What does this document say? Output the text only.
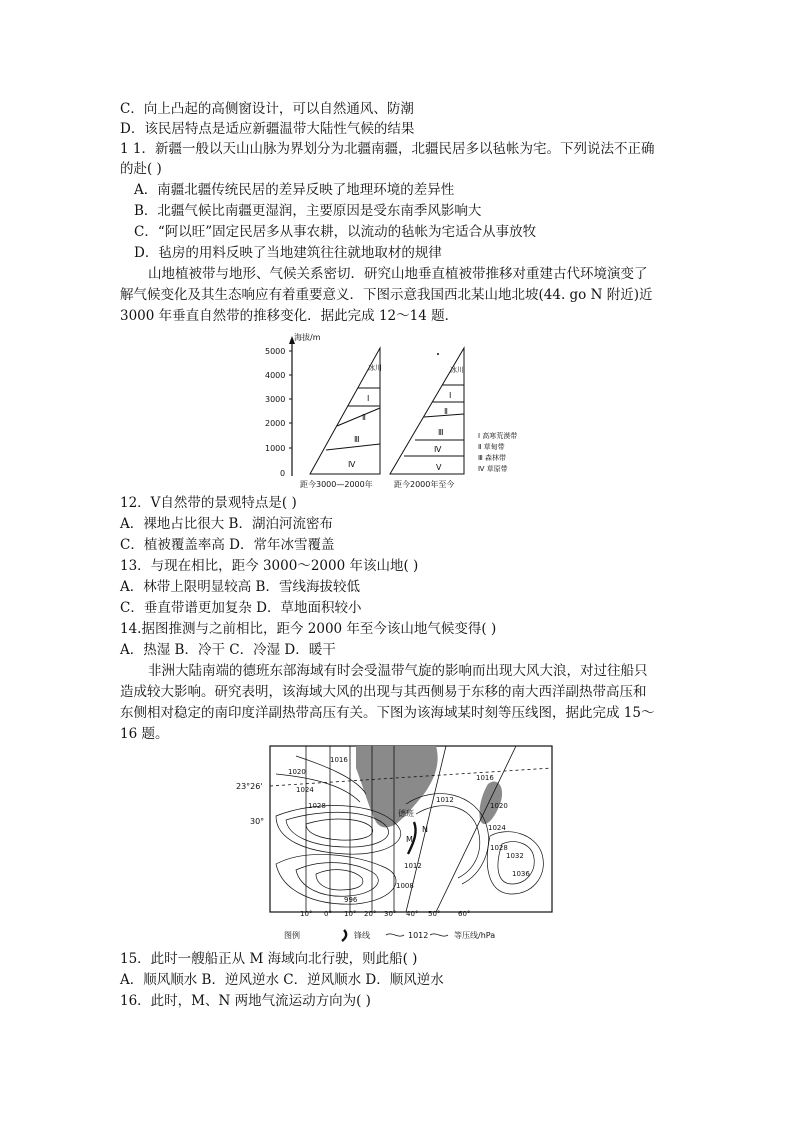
C．向上凸起的高侧窗设计，可以自然通风、防潮
D．该民居特点是适应新疆温带大陆性气候的结果
1 1．新疆一般以天山山脉为界划分为北疆南疆，北疆民居多以毡帐为宅。下列说法不正确
的赴( )
A．南疆北疆传统民居的差异反映了地理环境的差异性
B．北疆气候比南疆更湿润，主要原因是受东南季风影响大
C．“阿以旺”固定民居多从事农耕，以流动的毡帐为宅适合从事放牧
D．毡房的用料反映了当地建筑往往就地取材的规律
山地植被带与地形、气候关系密切．研究山地垂直植被带推移对重建古代环境演变了
解气候变化及其生态响应有着重要意义．下图示意我国西北某山地北坡(44. go N 附近)近
3000 年垂直自然带的推移变化．据此完成 12～14 题．
海拔/m
5000
4000
3000
2000
1000
0
冰川
Ⅰ
Ⅱ
Ⅲ
Ⅳ
冰川
Ⅰ
Ⅱ
Ⅲ
Ⅳ
Ⅴ
距今3000—2000年	距今2000年至今
Ⅰ 高寒荒漠带
Ⅱ 草甸带
Ⅲ 森林带
Ⅳ 草原带
12．Ⅴ自然带的景观特点是( )
A．裸地占比很大 B．湖泊河流密布
C．植被覆盖率高 D．常年冰雪覆盖
13．与现在相比，距今 3000～2000 年该山地( )
A．林带上限明显较高 B．雪线海拔较低
C．垂直带谱更加复杂 D．草地面积较小
14.据图推测与之前相比，距今 2000 年至今该山地气候变得( )
A．热湿 B．冷干 C．冷湿 D．暖干
非洲大陆南端的德班东部海域有时会受温带气旋的影响而出现大风大浪，对过往船只
造成较大影响。研究表明，该海域大风的出现与其西侧易于东移的南大西洋副热带高压和
东侧相对稳定的南印度洋副热带高压有关。下图为该海域某时刻等压线图，据此完成 15～
16 题。
23°26'
30°
1020
1024
1016
1028
1012
1012
1008
996
1016
1020
1024
1028
1032
1036
德班
M
N
10° 0° 10° 20° 30° 40° 50°	60°
图例	锋线	1012	等压线/hPa
15．此时一艘船正从 M 海域向北行驶，则此船( )
A．顺风顺水 B．逆风逆水 C．逆风顺水 D．顺风逆水
16．此时，M、N 两地气流运动方向为( )
